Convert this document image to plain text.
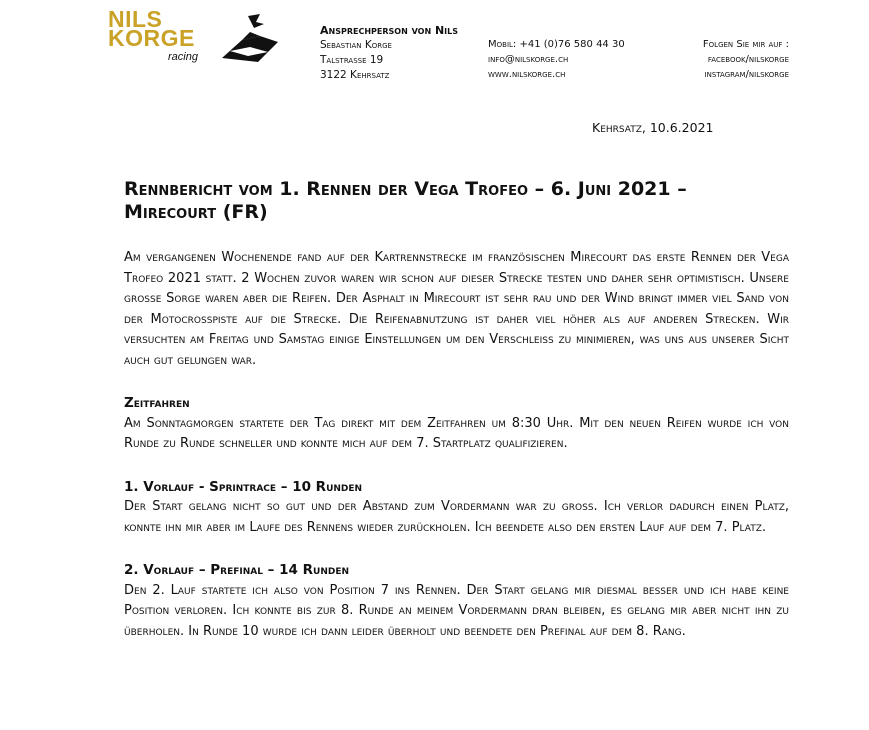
NILS
KORGE
racing
Ansprechperson von Nils
Sebastian Korge
Talstrasse 19
3122 Kehrsatz
Mobil: +41 (0)76 580 44 30
info@nilskorge.ch
www.nilskorge.ch
Folgen Sie mir auf :
facebook/nilskorge
instagram/nilskorge
Kehrsatz, 10.6.2021
Rennbericht vom 1. Rennen der Vega Trofeo – 6. Juni 2021 – Mirecourt (FR)

Am vergangenen Wochenende fand auf der Kartrennstrecke im französischen Mirecourt das erste Rennen der Vega Trofeo 2021 statt. 2 Wochen zuvor waren wir schon auf dieser Strecke testen und daher sehr optimistisch. Unsere grosse Sorge waren aber die Reifen. Der Asphalt in Mirecourt ist sehr rau und der Wind bringt immer viel Sand von der Motocrosspiste auf die Strecke. Die Reifenabnutzung ist daher viel höher als auf anderen Strecken. Wir versuchten am Freitag und Samstag einige Einstellungen um den Verschleiss zu minimieren, was uns aus unserer Sicht auch gut gelungen war.

Zeitfahren

Am Sonntagmorgen startete der Tag direkt mit dem Zeitfahren um 8:30 Uhr. Mit den neuen Reifen wurde ich von Runde zu Runde schneller und konnte mich auf dem 7. Startplatz qualifizieren.

1. Vorlauf - Sprintrace – 10 Runden

Der Start gelang nicht so gut und der Abstand zum Vordermann war zu gross. Ich verlor dadurch einen Platz, konnte ihn mir aber im Laufe des Rennens wieder zurückholen. Ich beendete also den ersten Lauf auf dem 7. Platz.

2. Vorlauf – Prefinal – 14 Runden

Den 2. Lauf startete ich also von Position 7 ins Rennen. Der Start gelang mir diesmal besser und ich habe keine Position verloren. Ich konnte bis zur 8. Runde an meinem Vordermann dran bleiben, es gelang mir aber nicht ihn zu überholen. In Runde 10 wurde ich dann leider überholt und beendete den Prefinal auf dem 8. Rang.
